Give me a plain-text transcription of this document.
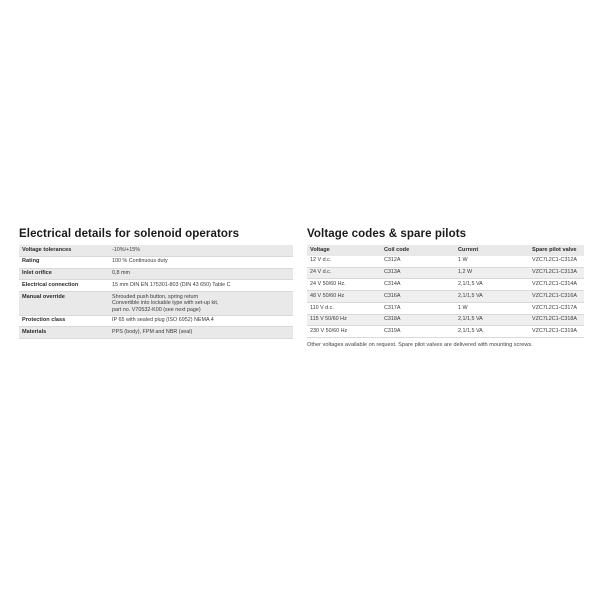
Electrical details for solenoid operators
Voltage tolerances	-10%/+15%
Rating	100 % Continuous duty
Inlet orifice	0,8 mm
Electrical connection	15 mm DIN EN 175301-803 (DIN 43 650) Table C
Manual override	Shrouded push button, spring return
Convertible into lockable type with set-up kit,
part no. V70532-K00 (see next page)

Protection class	IP 65 with sealed plug (ISO 6952) NEMA 4
Materials	PPS (body), FPM and NBR (seal)
Voltage codes & spare pilots
Voltage	Coil code	Current	Spare pilot valve
12 V d.c.	C312A	1 W	VZC7L2C1-C312A
24 V d.c.	C313A	1,2 W	VZC7L2C1-C313A
24 V 50/60 Hz.	C314A	2,1/1,5 VA	VZC7L2C1-C314A
48 V 50/60 Hz	C316A	2,1/1,5 VA	VZC7L2C1-C316A
110 V d.c.	C317A	1 W	VZC7L2C1-C317A
115 V 50/60 Hz	C318A	2,1/1,5 VA	VZC7L2C1-C318A
230 V 50/60 Hz	C319A	2,1/1,5 VA	VZC7L2C1-C319A
Other voltages available on request. Spare pilot valves are delivered with mounting screws.
